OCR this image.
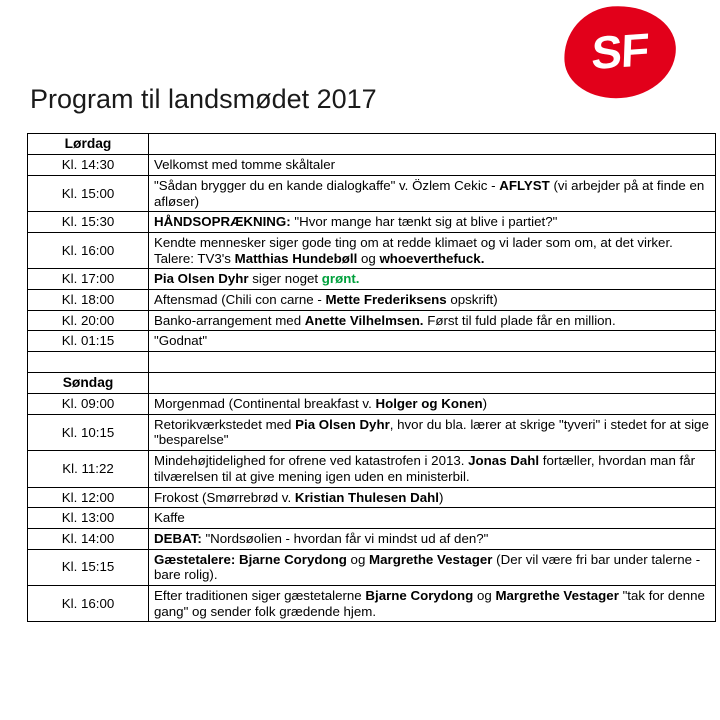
SF
Program til landsmødet 2017
Lørdag	
Kl. 14:30	Velkomst med tomme skåltaler
Kl. 15:00	"Sådan brygger du en kande dialogkaffe" v. Özlem Cekic - AFLYST (vi arbejder på at finde en afløser)
Kl. 15:30	HÅNDSOPRÆKNING: "Hvor mange har tænkt sig at blive i partiet?"
Kl. 16:00	Kendte mennesker siger gode ting om at redde klimaet og vi lader som om, at det virker. Talere: TV3's Matthias Hundebøll og whoeverthefuck.
Kl. 17:00	Pia Olsen Dyhr siger noget grønt.
Kl. 18:00	Aftensmad (Chili con carne - Mette Frederiksens opskrift)
Kl. 20:00	Banko-arrangement med Anette Vilhelmsen. Først til fuld plade får en million.
Kl. 01:15	"Godnat"

Søndag	
Kl. 09:00	Morgenmad (Continental breakfast v. Holger og Konen)
Kl. 10:15	Retorikværkstedet med Pia Olsen Dyhr, hvor du bla. lærer at skrige "tyveri" i stedet for at sige "besparelse"
Kl. 11:22	Mindehøjtidelighed for ofrene ved katastrofen i 2013. Jonas Dahl fortæller, hvordan man får tilværelsen til at give mening igen uden en ministerbil.
Kl. 12:00	Frokost (Smørrebrød v. Kristian Thulesen Dahl)
Kl. 13:00	Kaffe
Kl. 14:00	DEBAT: "Nordsøolien - hvordan får vi mindst ud af den?"
Kl. 15:15	Gæstetalere: Bjarne Corydong og Margrethe Vestager (Der vil være fri bar under talerne - bare rolig).
Kl. 16:00	Efter traditionen siger gæstetalerne Bjarne Corydong og Margrethe Vestager "tak for denne gang" og sender folk grædende hjem.
